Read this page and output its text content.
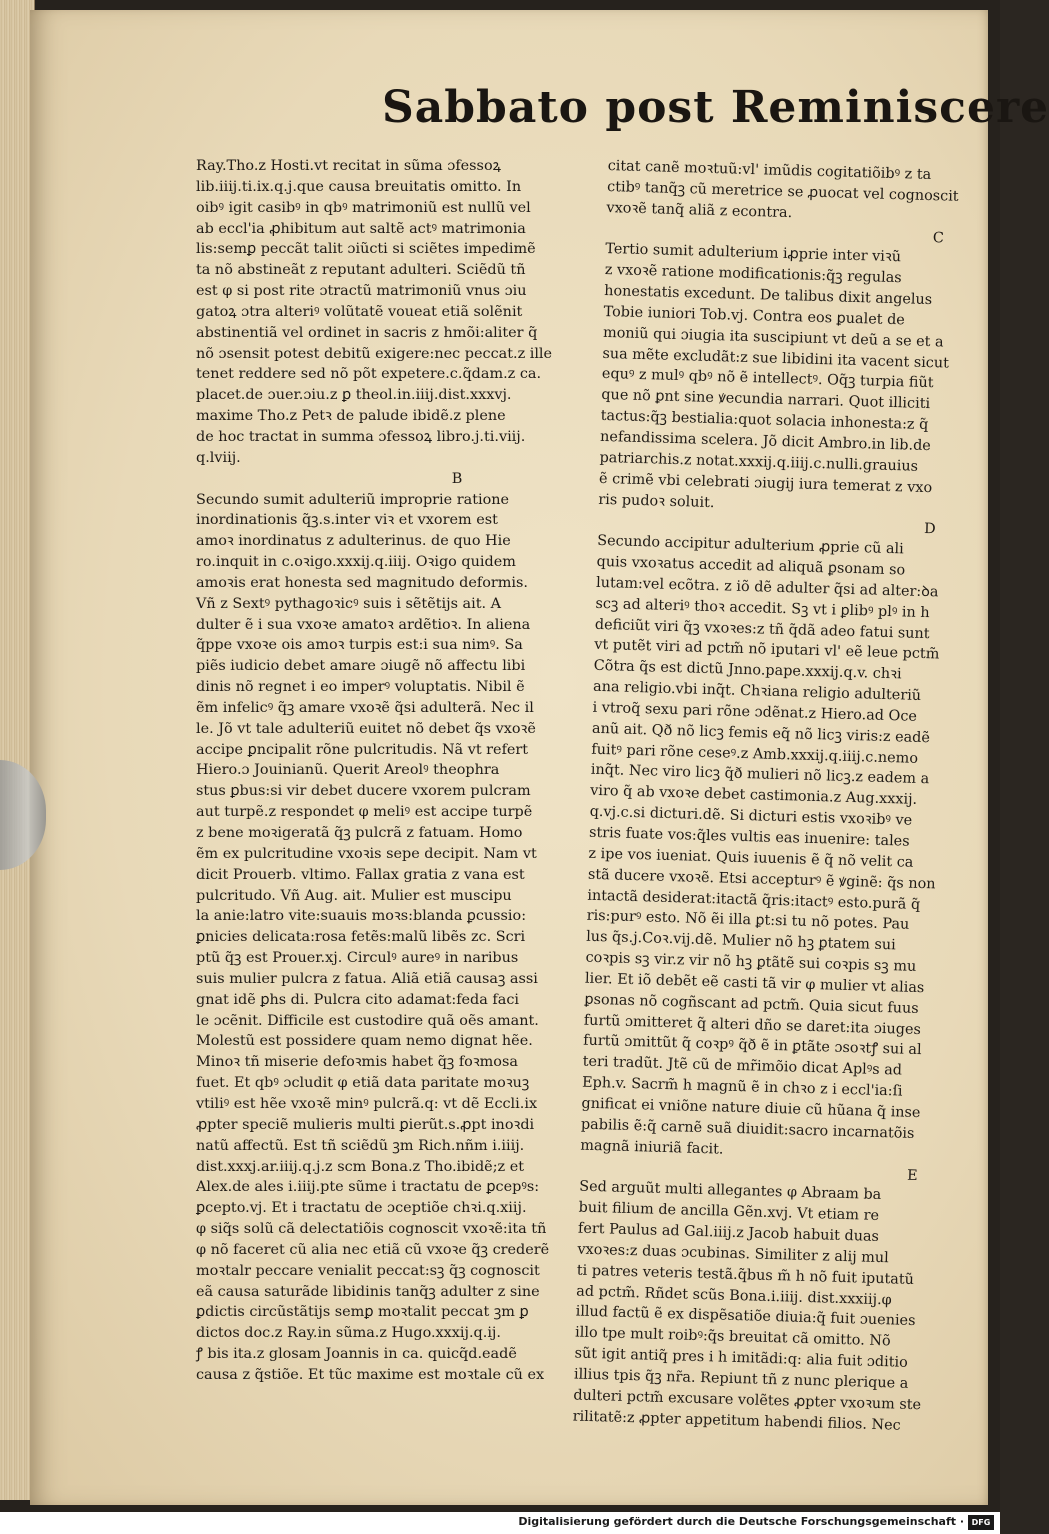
Sabbato post Reminiscere
Ray.Tho.z Hosti.vt recitat in sũma ɔfessoꝝ
lib.iiij.ti.ix.q.j.que causa breuitatis omitto. In
oibꝰ igit casibꝰ in qbꝰ matrimoniũ est nullũ vel
ab eccl'ia ꝓhibitum aut saltẽ actꝰ matrimonia
lis:semꝑ peccãt talit ɔiũcti si sciẽtes impedimẽ
ta nõ abstineãt z reputant adulteri. Sciẽdũ tñ
est φ si post rite ɔtractũ matrimoniũ vnus ɔiu
gatoꝝ ɔtra alteriꝰ volũtatẽ voueat etiã solẽnit
abstinentiã vel ordinet in sacris z hmõi:aliter q̃
nõ ɔsensit potest debitũ exigere:nec peccat.z ille
tenet reddere sed nõ põt expetere.c.q̃dam.z ca.
placet.de ɔuer.ɔiu.z ꝑ theol.in.iiij.dist.xxxvj.
maxime Tho.z Petꝛ de palude ibidẽ.z plene
de hoc tractat in summa ɔfessoꝝ libro.j.ti.viij.
q.lviij.
B
Secundo sumit adulteriũ improprie ratione
inordinationis q̃ꝫ.s.inter viꝛ et vxorem est
amoꝛ inordinatus z adulterinus. de quo Hie
ro.inquit in c.oꝛigo.xxxij.q.iiij. Oꝛigo quidem
amoꝛis erat honesta sed magnitudo deformis.
Vñ z Sextꝰ pythagoꝛicꝰ suis i sẽtẽtijs ait. A
dulter ẽ i sua vxoꝛe amatoꝛ ardẽtioꝛ. In aliena
q̃ppe vxoꝛe ois amoꝛ turpis est:i sua nimꝰ. Sa
piẽs iudicio debet amare ɔiugẽ nõ affectu libi
dinis nõ regnet i eo imperꝰ voluptatis. Nibil ẽ
ẽm infelicꝰ q̃ꝫ amare vxoꝛẽ q̃si adulterã. Nec il
le. Jõ vt tale adulteriũ euitet nõ debet q̃s vxoꝛẽ
accipe ꝑncipalit rõne pulcritudis. Nã vt refert
Hiero.ɔ Jouinianũ. Querit Areolꝰ theophra
stus ꝑbus:si vir debet ducere vxorem pulcram
aut turpẽ.z respondet φ meliꝰ est accipe turpẽ
z bene moꝛigeratã q̃ꝫ pulcrã z fatuam. Homo
ẽm ex pulcritudine vxoꝛis sepe decipit. Nam vt
dicit Prouerb. vltimo. Fallax gratia z vana est
pulcritudo. Vñ Aug. ait. Mulier est muscipu
la anie:latro vite:suauis moꝛs:blanda ꝑcussio:
ꝑnicies delicata:rosa fetẽs:malũ libẽs zc. Scri
ptũ q̃ꝫ est Prouer.xj. Circulꝰ aureꝰ in naribus
suis mulier pulcra z fatua. Aliã etiã causaꝫ assi
gnat idẽ ꝑhs di. Pulcra cito adamat:feda faci
le ɔcẽnit. Difficile est custodire quã oẽs amant.
Molestũ est possidere quam nemo dignat hẽe.
Minoꝛ tñ miserie defoꝛmis habet q̃ꝫ foꝛmosa
fuet. Et qbꝰ ɔcludit φ etiã data paritate moꝛuꝫ
vtiliꝰ est hẽe vxoꝛẽ minꝰ pulcrã.q: vt dẽ Eccli.ix
ꝓpter speciẽ mulieris multi ꝑierũt.s.ꝓpt inoꝛdi
natũ affectũ. Est tñ sciẽdũ ꝫm Rich.nñm i.iiij.
dist.xxxj.ar.iiij.q.j.z scm Bona.z Tho.ibidẽ;z et
Alex.de ales i.iiij.pte sũme i tractatu de ꝑcepꝰs:
ꝑcepto.vj. Et i tractatu de ɔceptiõe chꝛi.q.xiij.
φ siq̃s solũ cã delectatiõis cognoscit vxoꝛẽ:ita tñ
φ nõ faceret cũ alia nec etiã cũ vxoꝛe q̃ꝫ crederẽ
moꝛtalr peccare venialit peccat:sꝫ q̃ꝫ cognoscit
eã causa saturãde libidinis tanq̃ꝫ adulter z sine
ꝑdictis circũstãtijs semꝑ moꝛtalit peccat ꝫm ꝑ
dictos doc.z Ray.in sũma.z Hugo.xxxij.q.ij.
ꝭ bis ita.z glosam Joannis in ca. quicq̃d.eadẽ
causa z q̃stiõe. Et tũc maxime est moꝛtale cũ ex
citat canẽ moꝛtuũ:vl' imũdis cogitatiõibꝰ z ta
ctibꝰ tanq̃ꝫ cũ meretrice se ꝓuocat vel cognoscit
vxoꝛẽ tanq̃ aliã z econtra.
C
Tertio sumit adulterium iꝓprie inter viꝛũ
z vxoꝛẽ ratione modificationis:q̃ꝫ regulas
honestatis excedunt. De talibus dixit angelus
Tobie iuniori Tob.vj. Contra eos ꝑualet de
moniũ qui ɔiugia ita suscipiunt vt deũ a se et a
sua mẽte excludãt:z sue libidini ita vacent sicut
equꝰ z mulꝰ qbꝰ nõ ẽ intellectꝰ. Oq̃ꝫ turpia fiũt
que nõ ꝑnt sine ꝟecundia narrari. Quot illiciti
tactus:q̃ꝫ bestialia:quot solacia inhonesta:z q̃
nefandissima scelera. Jõ dicit Ambro.in lib.de
patriarchis.z notat.xxxij.q.iiij.c.nulli.grauius
ẽ crimẽ vbi celebrati ɔiugij iura temerat z vxo
ris pudoꝛ soluit.
D
Secundo accipitur adulterium ꝓprie cũ ali
quis vxoꝛatus accedit ad aliquã ꝑsonam so
lutam:vel ecõtra. z iõ dẽ adulter q̃si ad alter:ꝺa
scꝫ ad alteriꝰ thoꝛ accedit. Sꝫ vt i ꝑlibꝰ plꝰ in h
deficiũt viri q̃ꝫ vxoꝛes:z tñ q̃dã adeo fatui sunt
vt putẽt viri ad pctm̃ nõ iputari vl' eẽ leue pctm̃
Cõtra q̃s est dictũ Jnno.pape.xxxij.q.v. chꝛi
ana religio.vbi inq̃t. Chꝛiana religio adulteriũ
i vtroq̃ sexu pari rõne ɔdẽnat.z Hiero.ad Oce
anũ ait. Qð nõ licꝫ femis eq̃ nõ licꝫ viris:z eadẽ
fuitꝰ pari rõne ceseꝰ.z Amb.xxxij.q.iiij.c.nemo
inq̃t. Nec viro licꝫ q̃ð mulieri nõ licꝫ.z eadem a
viro q̃ ab vxoꝛe debet castimonia.z Aug.xxxij.
q.vj.c.si dicturi.dẽ. Si dicturi estis vxoꝛibꝰ ve
stris fuate vos:q̃les vultis eas inuenire: tales
z ipe vos iueniat. Quis iuuenis ẽ q̃ nõ velit ca
stã ducere vxoꝛẽ. Etsi accepturꝰ ẽ ꝟginẽ: q̃s non
intactã desiderat:itactã q̃ris:itactꝰ esto.purã q̃
ris:purꝰ esto. Nõ ẽi illa ꝑt:si tu nõ potes. Pau
lus q̃s.j.Coꝛ.vij.dẽ. Mulier nõ hꝫ ꝑtatem sui
coꝛpis sꝫ vir.z vir nõ hꝫ ꝑtãtẽ sui coꝛpis sꝫ mu
lier. Et iõ debẽt eẽ casti tã vir φ mulier vt alias
ꝑsonas nõ cogñscant ad pctm̃. Quia sicut fuus
furtũ ɔmitteret q̃ alteri dño se daret:ita ɔiuges
furtũ ɔmittũt q̃ coꝛpꝰ q̃ð ẽ in ꝑtãte ɔsoꝛtꝭ sui al
teri tradũt. Jtẽ cũ de mr̃imõio dicat Aplꝰs ad
Eph.v. Sacrm̃ h magnũ ẽ in chꝛo z i eccl'ia:ſi
gnificat ei vniõne nature diuie cũ hũana q̃ inse
pabilis ẽ:q̃ carnẽ suã diuidit:sacro incarnatõis
magnã iniuriã facit.
E
Sed arguũt multi allegantes φ Abraam ba
buit filium de ancilla Gẽn.xvj. Vt etiam re
fert Paulus ad Gal.iiij.z Jacob habuit duas
vxoꝛes:z duas ɔcubinas. Similiter z alij mul
ti patres veteris testã.q̃bus m̃ h nõ fuit iputatũ
ad pctm̃. Rñdet scũs Bona.i.iiij. dist.xxxiij.φ
illud factũ ẽ ex dispẽsatiõe diuia:q̃ fuit ɔuenies
illo tpe mult roibꝰ:q̃s breuitat cã omitto. Nõ
sũt igit antiq̃ pres i h imitãdi:q: alia fuit ɔditio
illius tpis q̃ꝫ nr̃a. Repiunt tñ z nunc plerique a
dulteri pctm̃ excusare volẽtes ꝓpter vxoꝛum ste
rilitatẽ:z ꝓpter appetitum habendi filios. Nec
Digitalisierung gefördert durch die Deutsche Forschungsgemeinschaft · DFG
